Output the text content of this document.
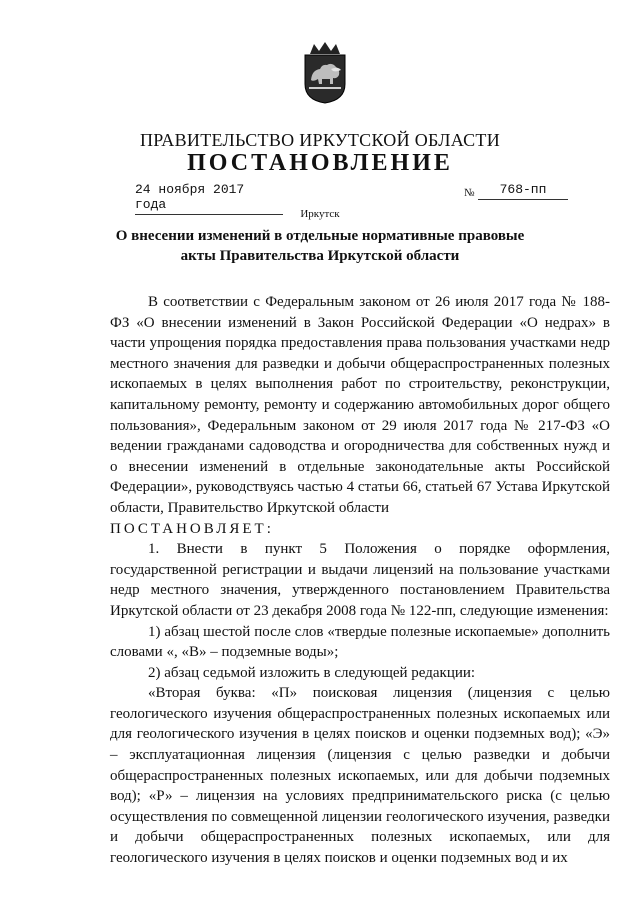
ПРАВИТЕЛЬСТВО ИРКУТСКОЙ ОБЛАСТИ
ПОСТАНОВЛЕНИЕ
24 ноября 2017 года
№	768-пп
Иркутск
О внесении изменений в отдельные нормативные правовые акты Правительства Иркутской области

В соответствии с Федеральным законом от 26 июля 2017 года № 188-ФЗ «О внесении изменений в Закон Российской Федерации «О недрах» в части упрощения порядка предоставления права пользования участками недр местного значения для разведки и добычи общераспространенных полезных ископаемых в целях выполнения работ по строительству, реконструкции, капитальному ремонту, ремонту и содержанию автомобильных дорог общего пользования», Федеральным законом от 29 июля 2017 года № 217-ФЗ «О ведении гражданами садоводства и огородничества для собственных нужд и о внесении изменений в отдельные законодательные акты Российской Федерации», руководствуясь частью 4 статьи 66, статьей 67 Устава Иркутской области, Правительство Иркутской области

ПОСТАНОВЛЯЕТ:

1. Внести в пункт 5 Положения о порядке оформления, государственной регистрации и выдачи лицензий на пользование участками недр местного значения, утвержденного постановлением Правительства Иркутской области от 23 декабря 2008 года № 122-пп, следующие изменения:

1) абзац шестой после слов «твердые полезные ископаемые» дополнить словами «, «В» – подземные воды»;

2) абзац седьмой изложить в следующей редакции:

«Вторая буква: «П» поисковая лицензия (лицензия с целью геологического изучения общераспространенных полезных ископаемых или для геологического изучения в целях поисков и оценки подземных вод); «Э» – эксплуатационная лицензия (лицензия с целью разведки и добычи общераспространенных полезных ископаемых, или для добычи подземных вод); «Р» – лицензия на условиях предпринимательского риска (с целью осуществления по совмещенной лицензии геологического изучения, разведки и добычи общераспространенных полезных ископаемых, или для геологического изучения в целях поисков и оценки подземных вод и их
